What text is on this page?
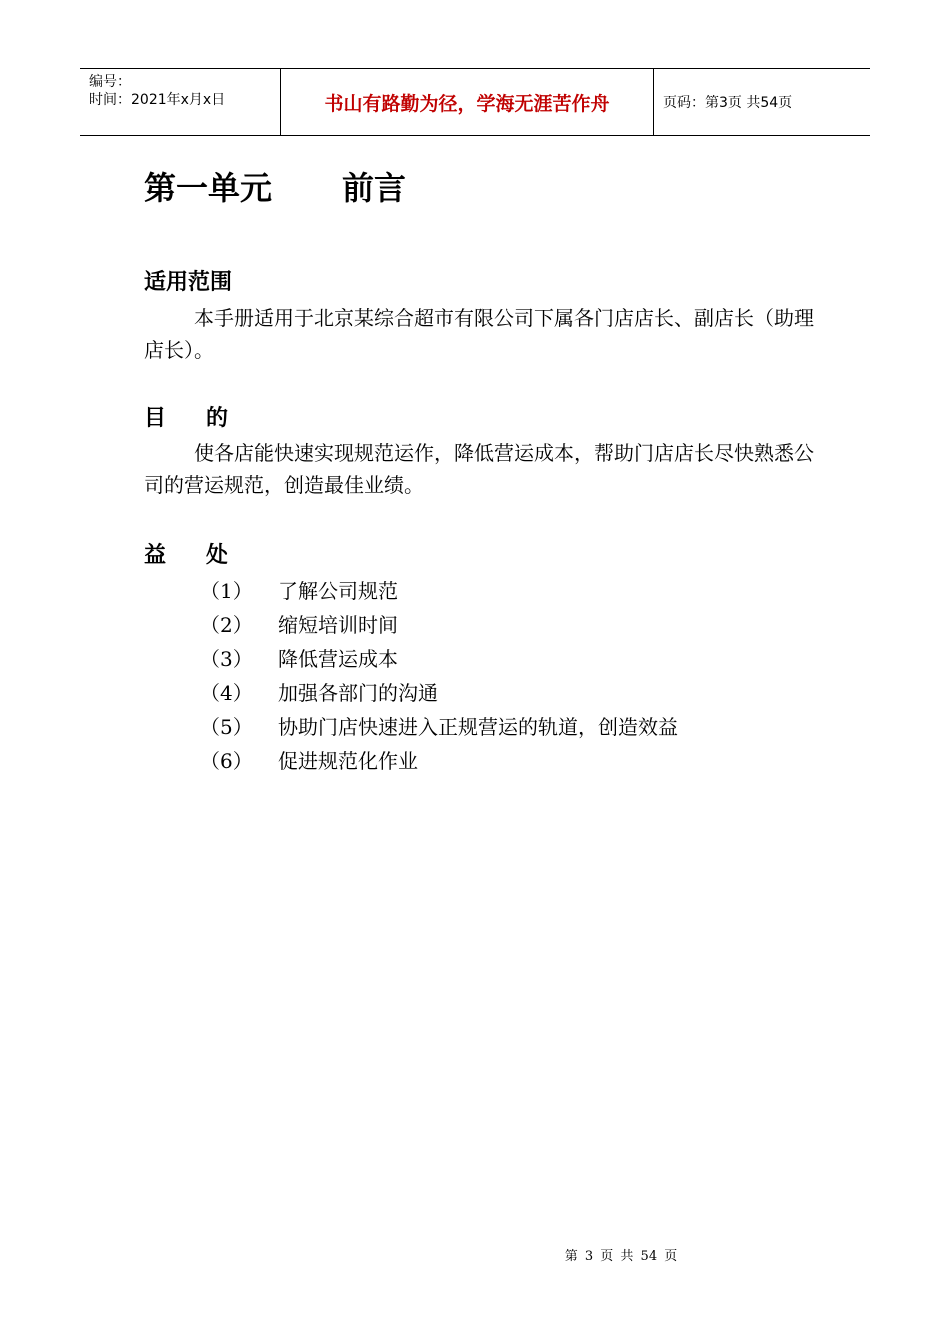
编号：
时间：2021年x月x日	书山有路勤为径，学海无涯苦作舟	页码：第3页 共54页
第一单元 前言
适用范围

本手册适用于北京某综合超市有限公司下属各门店店长、副店长（助理店长）。

目 的

使各店能快速实现规范运作，降低营运成本，帮助门店店长尽快熟悉公司的营运规范，创造最佳业绩。

益 处
（1）	了解公司规范
（2）	缩短培训时间
（3）	降低营运成本
（4）	加强各部门的沟通
（5）	协助门店快速进入正规营运的轨道，创造效益
（6）	促进规范化作业
第 3 页 共 54 页
